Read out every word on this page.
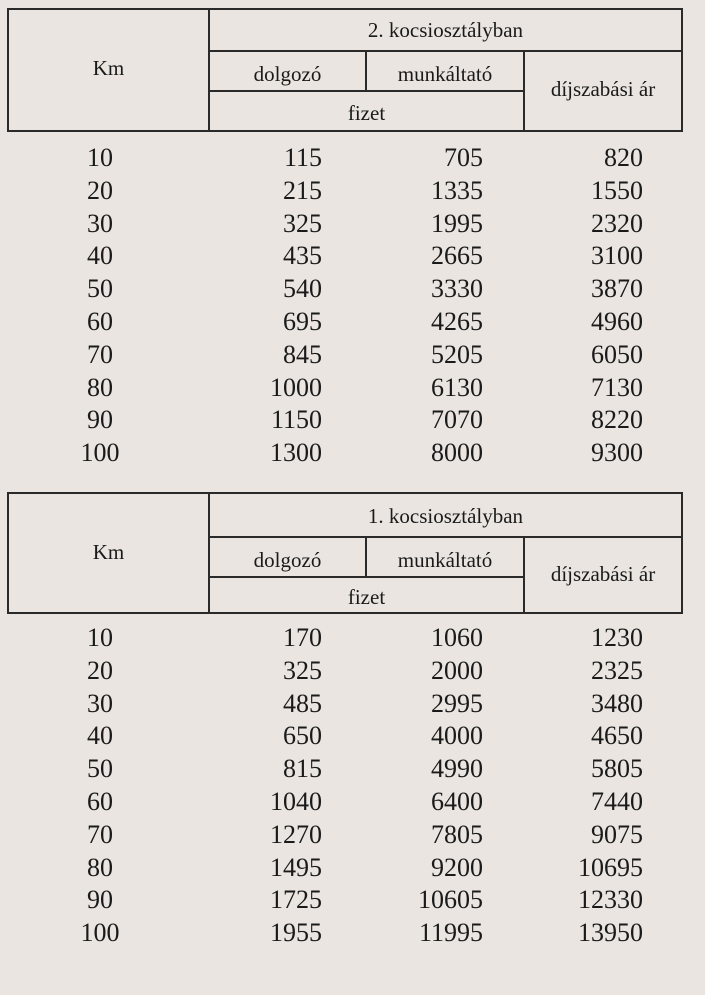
Km
2. kocsiosztályban
dolgozó	munkáltató
fizet
díjszabási ár
10	115	705	820
20	215	1335	1550
30	325	1995	2320
40	435	2665	3100
50	540	3330	3870
60	695	4265	4960
70	845	5205	6050
80	1000	6130	7130
90	1150	7070	8220
100	1300	8000	9300
Km
1. kocsiosztályban
dolgozó	munkáltató
fizet
díjszabási ár
10	170	1060	1230
20	325	2000	2325
30	485	2995	3480
40	650	4000	4650
50	815	4990	5805
60	1040	6400	7440
70	1270	7805	9075
80	1495	9200	10695
90	1725	10605	12330
100	1955	11995	13950
